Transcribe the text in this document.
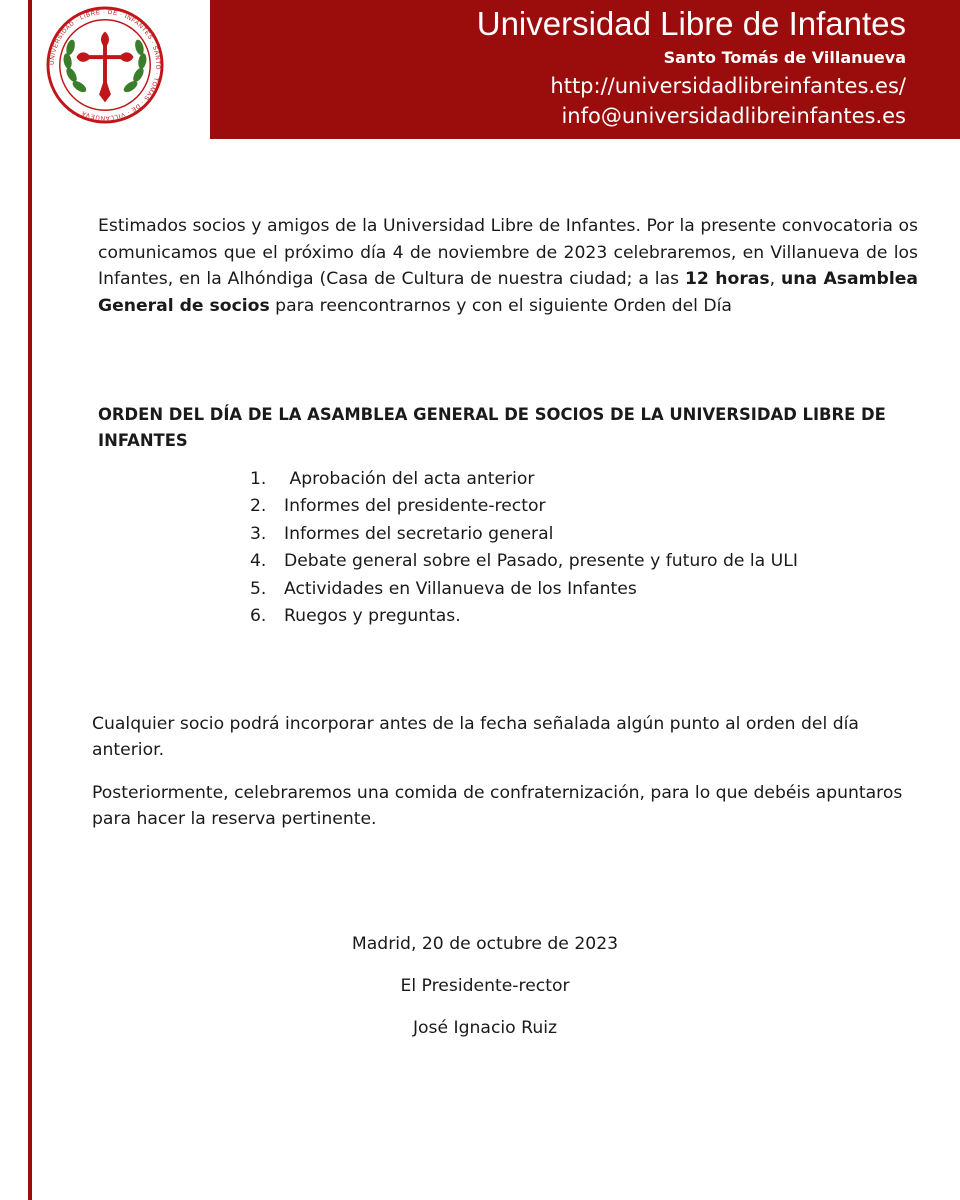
Universidad Libre de Infantes
Santo Tomás de Villanueva
http://universidadlibreinfantes.es/
info@universidadlibreinfantes.es
UNIVERSIDAD · LIBRE · DE · INFANTES · SANTO · TOMÁS · DE · VILLANUEVA

Estimados socios y amigos de la Universidad Libre de Infantes. Por la presente convocatoria os comunicamos que el próximo día 4 de noviembre de 2023 celebraremos, en Villanueva de los Infantes, en la Alhóndiga (Casa de Cultura de nuestra ciudad; a las 12 horas, una Asamblea General de socios para reencontrarnos y con el siguiente Orden del Día

ORDEN DEL DÍA DE LA ASAMBLEA GENERAL DE SOCIOS DE LA UNIVERSIDAD LIBRE DE INFANTES

1.	Aprobación del acta anterior
2.	Informes del presidente-rector
3.	Informes del secretario general
4.	Debate general sobre el Pasado, presente y futuro de la ULI
5.	Actividades en Villanueva de los Infantes
6.	Ruegos y preguntas.

Cualquier socio podrá incorporar antes de la fecha señalada algún punto al orden del día anterior.

Posteriormente, celebraremos una comida de confraternización, para lo que debéis apuntaros para hacer la reserva pertinente.

Madrid, 20 de octubre de 2023

El Presidente-rector

José Ignacio Ruiz
